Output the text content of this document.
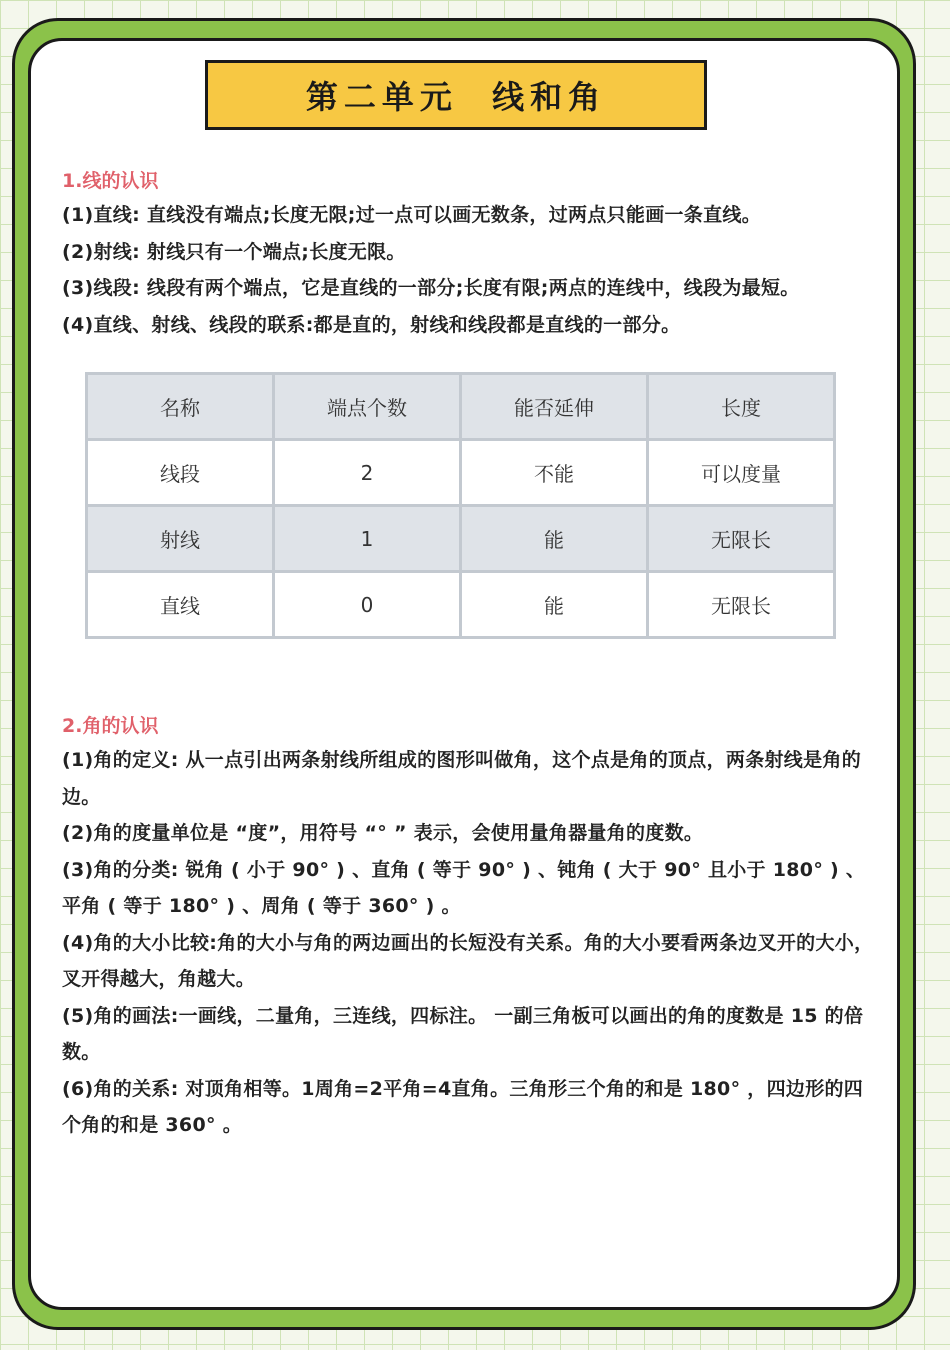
第二单元  线和角
1.线的认识

(1)直线: 直线没有端点;长度无限;过一点可以画无数条，过两点只能画一条直线。

(2)射线: 射线只有一个端点;长度无限。

(3)线段: 线段有两个端点，它是直线的一部分;长度有限;两点的连线中，线段为最短。

(4)直线、射线、线段的联系:都是直的，射线和线段都是直线的一部分。

名称	端点个数	能否延伸	长度
线段	2	不能	可以度量
射线	1	能	无限长
直线	0	能	无限长
2.角的认识

(1)角的定义: 从一点引出两条射线所组成的图形叫做角，这个点是角的顶点，两条射线是角的边。

(2)角的度量单位是 “度”，用符号 “° ” 表示，会使用量角器量角的度数。

(3)角的分类: 锐角 ( 小于 90° ) 、直角 ( 等于 90° ) 、钝角 ( 大于 90° 且小于 180° ) 、平角 ( 等于 180° ) 、周角 ( 等于 360° ) 。

(4)角的大小比较:角的大小与角的两边画出的长短没有关系。角的大小要看两条边叉开的大小，叉开得越大，角越大。

(5)角的画法:一画线，二量角，三连线，四标注。 一副三角板可以画出的角的度数是 15 的倍数。

(6)角的关系: 对顶角相等。1周角=2平角=4直角。三角形三个角的和是 180° ，四边形的四个角的和是 360° 。
